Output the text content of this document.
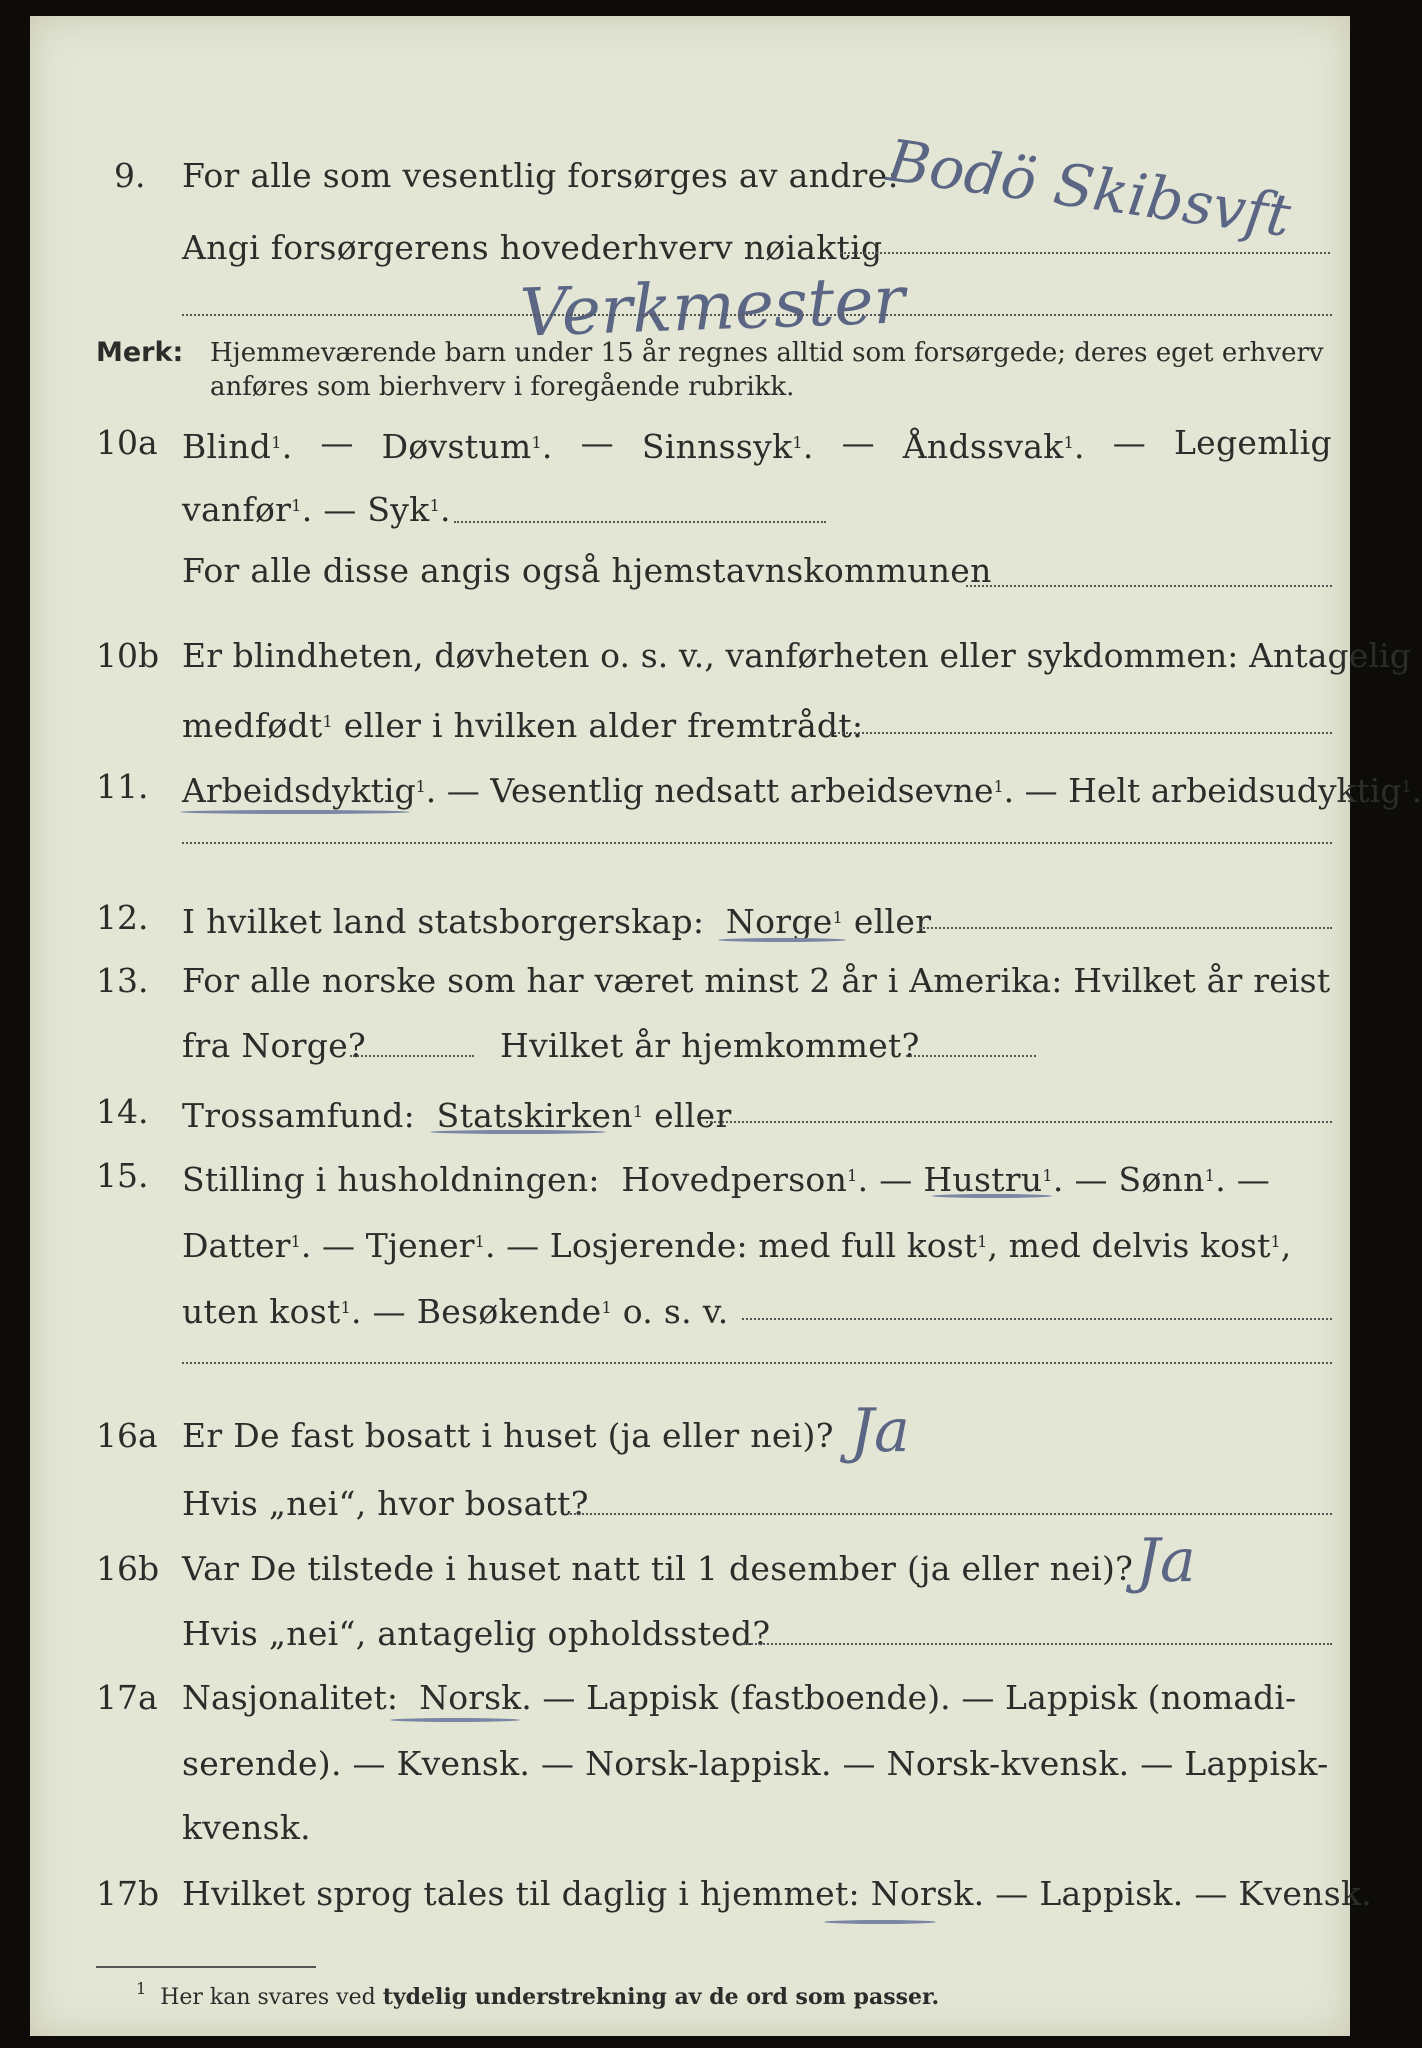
9. For alle som vesentlig forsørges av andre:
Bodö Skibsvft
Angi forsørgerens hovederhverv nøiaktig
Verkmester
Merk: Hjemmeværende barn under 15 år regnes alltid som forsørgede; deres eget erhverv
anføres som bierhverv i foregående rubrikk.
10a Blind$^1$. — Døvstum$^1$. — Sinnssyk$^1$. — Åndssvak$^1$. — Legemlig
vanfør$^1$. — Syk$^1$.
For alle disse angis også hjemstavnskommunen
10b Er blindheten, døvheten o. s. v., vanførheten eller sykdommen: Antagelig
medfødt$^1$ eller i hvilken alder fremtrådt:
11. Arbeidsdyktig$^1$. — Vesentlig nedsatt arbeidsevne$^1$. — Helt arbeidsudyktig$^1$.
12. I hvilket land statsborgerskap: Norge$^1$ eller
13. For alle norske som har været minst 2 år i Amerika: Hvilket år reist
fra Norge?	Hvilket år hjemkommet?
14. Trossamfund: Statskirken$^1$ eller
15. Stilling i husholdningen: Hovedperson$^1$. — Hustru$^1$. — Sønn$^1$. —
Datter$^1$. — Tjener$^1$. — Losjerende: med full kost$^1$, med delvis kost$^1$,
uten kost$^1$. — Besøkende$^1$ o. s. v.
16a Er De fast bosatt i huset (ja eller nei)? Ja
Hvis „nei“, hvor bosatt?
16b Var De tilstede i huset natt til 1 desember (ja eller nei)? Ja
Hvis „nei“, antagelig opholdssted?
17a Nasjonalitet: Norsk. — Lappisk (fastboende). — Lappisk (nomadi-
serende). — Kvensk. — Norsk-lappisk. — Norsk-kvensk. — Lappisk-
kvensk.
17b Hvilket sprog tales til daglig i hjemmet: Norsk. — Lappisk. — Kvensk.
$^1$ Her kan svares ved tydelig understrekning av de ord som passer.
